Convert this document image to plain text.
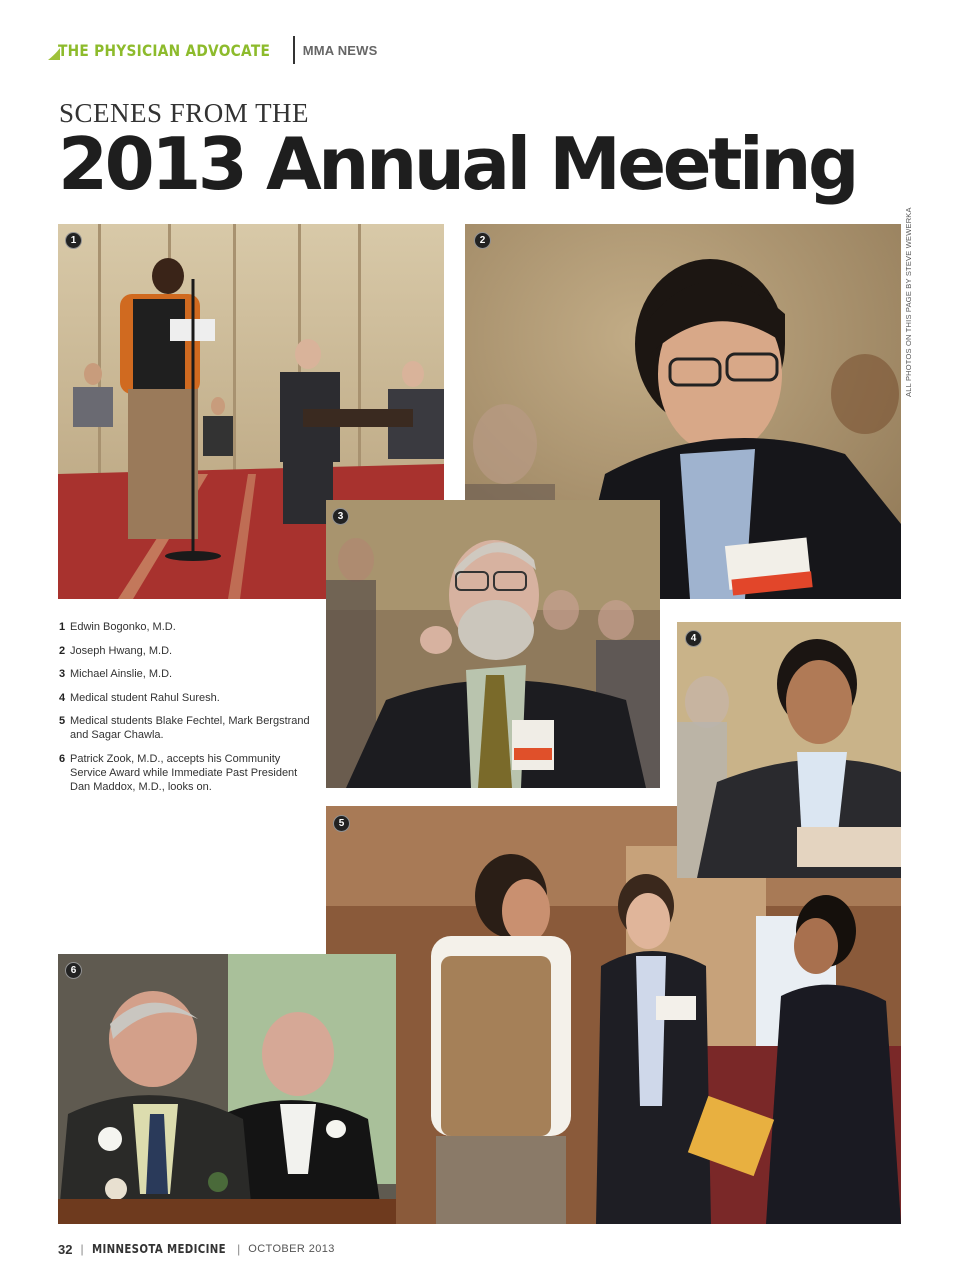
THE PHYSICIAN ADVOCATE	MMA NEWS
SCENES FROM THE
2013 Annual Meeting
ALL PHOTOS ON THIS PAGE BY STEVE WEWERKA
1	2
3
4
5
6
1 Edwin Bogonko, M.D.
2 Joseph Hwang, M.D.
3 Michael Ainslie, M.D.
4 Medical student Rahul Suresh.
5 Medical students Blake Fechtel, Mark Bergstrand and Sagar Chawla.
6 Patrick Zook, M.D., accepts his Community Service Award while Immediate Past President Dan Maddox, M.D., looks on.
32 | MINNESOTA MEDICINE | OCTOBER 2013
